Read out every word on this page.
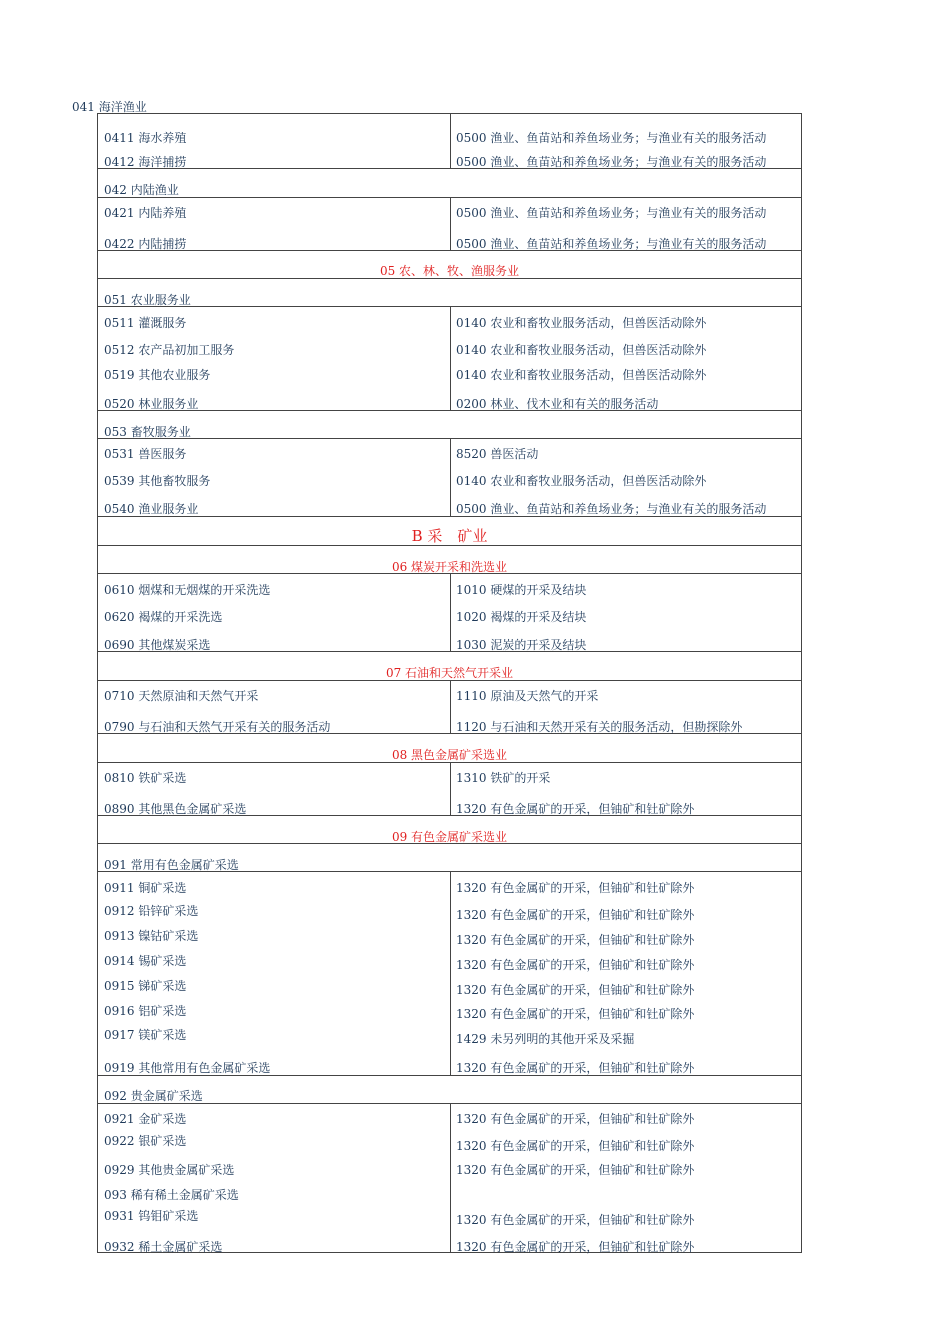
041 海洋渔业
0411 海水养殖	0500 渔业、鱼苗站和养鱼场业务；与渔业有关的服务活动
0412 海洋捕捞	0500 渔业、鱼苗站和养鱼场业务；与渔业有关的服务活动
042 内陆渔业
0421 内陆养殖	0500 渔业、鱼苗站和养鱼场业务；与渔业有关的服务活动
0422 内陆捕捞	0500 渔业、鱼苗站和养鱼场业务；与渔业有关的服务活动
05 农、林、牧、渔服务业
051 农业服务业
0511 灌溉服务	0140 农业和畜牧业服务活动，但兽医活动除外
0512 农产品初加工服务	0140 农业和畜牧业服务活动，但兽医活动除外
0519 其他农业服务	0140 农业和畜牧业服务活动，但兽医活动除外
0520 林业服务业	0200 林业、伐木业和有关的服务活动
053 畜牧服务业
0531 兽医服务	8520 兽医活动
0539 其他畜牧服务	0140 农业和畜牧业服务活动，但兽医活动除外
0540 渔业服务业	0500 渔业、鱼苗站和养鱼场业务；与渔业有关的服务活动
B 采　矿业
06 煤炭开采和洗选业
0610 烟煤和无烟煤的开采洗选	1010 硬煤的开采及结块
0620 褐煤的开采洗选	1020 褐煤的开采及结块
0690 其他煤炭采选	1030 泥炭的开采及结块
07 石油和天然气开采业
0710 天然原油和天然气开采	1110 原油及天然气的开采
0790 与石油和天然气开采有关的服务活动	1120 与石油和天然开采有关的服务活动，但勘探除外
08 黑色金属矿采选业
0810 铁矿采选	1310 铁矿的开采
0890 其他黑色金属矿采选	1320 有色金属矿的开采，但铀矿和钍矿除外
09 有色金属矿采选业
091 常用有色金属矿采选
0911 铜矿采选	1320 有色金属矿的开采，但铀矿和钍矿除外
0912 铅锌矿采选	1320 有色金属矿的开采，但铀矿和钍矿除外
0913 镍钴矿采选	1320 有色金属矿的开采，但铀矿和钍矿除外
0914 锡矿采选	1320 有色金属矿的开采，但铀矿和钍矿除外
0915 锑矿采选	1320 有色金属矿的开采，但铀矿和钍矿除外
0916 铝矿采选	1320 有色金属矿的开采，但铀矿和钍矿除外
0917 镁矿采选	1429 未另列明的其他开采及采掘
0919 其他常用有色金属矿采选	1320 有色金属矿的开采，但铀矿和钍矿除外
092 贵金属矿采选
0921 金矿采选	1320 有色金属矿的开采，但铀矿和钍矿除外
0922 银矿采选	1320 有色金属矿的开采，但铀矿和钍矿除外
0929 其他贵金属矿采选	1320 有色金属矿的开采，但铀矿和钍矿除外
093 稀有稀土金属矿采选
0931 钨钼矿采选	1320 有色金属矿的开采，但铀矿和钍矿除外
0932 稀土金属矿采选	1320 有色金属矿的开采，但铀矿和钍矿除外
